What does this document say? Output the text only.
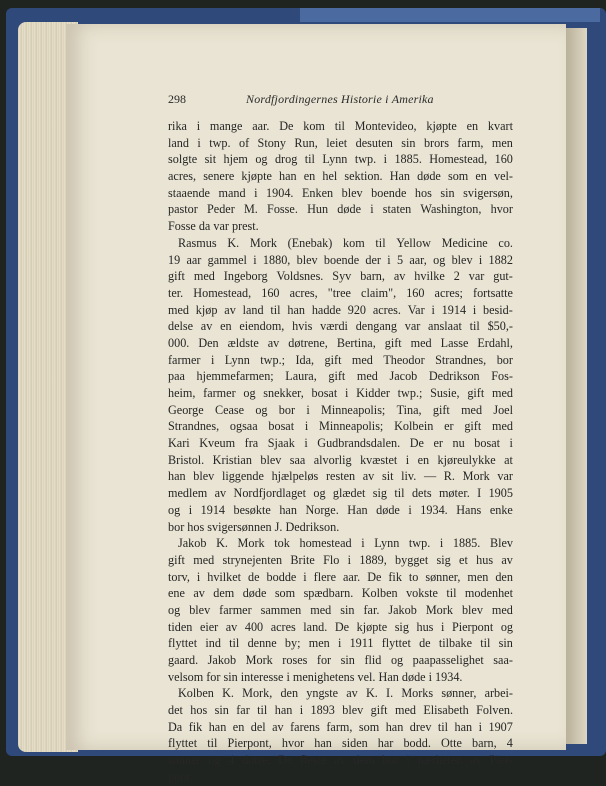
298	Nordfjordingernes Historie i Amerika
rika i mange aar. De kom til Montevideo, kjøpte en kvart
land i twp. of Stony Run, leiet desuten sin brors farm, men
solgte sit hjem og drog til Lynn twp. i 1885. Homestead, 160
acres, senere kjøpte han en hel sektion. Han døde som en vel-
staaende mand i 1904. Enken blev boende hos sin svigersøn,
pastor Peder M. Fosse. Hun døde i staten Washington, hvor
Fosse da var prest.
Rasmus K. Mork (Enebak) kom til Yellow Medicine co.
19 aar gammel i 1880, blev boende der i 5 aar, og blev i 1882
gift med Ingeborg Voldsnes. Syv barn, av hvilke 2 var gut-
ter. Homestead, 160 acres, "tree claim", 160 acres; fortsatte
med kjøp av land til han hadde 920 acres. Var i 1914 i besid-
delse av en eiendom, hvis værdi dengang var anslaat til $50,-
000. Den ældste av døtrene, Bertina, gift med Lasse Erdahl,
farmer i Lynn twp.; Ida, gift med Theodor Strandnes, bor
paa hjemmefarmen; Laura, gift med Jacob Dedrikson Fos-
heim, farmer og snekker, bosat i Kidder twp.; Susie, gift med
George Cease og bor i Minneapolis; Tina, gift med Joel
Strandnes, ogsaa bosat i Minneapolis; Kolbein er gift med
Kari Kveum fra Sjaak i Gudbrandsdalen. De er nu bosat i
Bristol. Kristian blev saa alvorlig kvæstet i en kjøreulykke at
han blev liggende hjælpeløs resten av sit liv. — R. Mork var
medlem av Nordfjordlaget og glædet sig til dets møter. I 1905
og i 1914 besøkte han Norge. Han døde i 1934. Hans enke
bor hos svigersønnen J. Dedrikson.
Jakob K. Mork tok homestead i Lynn twp. i 1885. Blev
gift med strynejenten Brite Flo i 1889, bygget sig et hus av
torv, i hvilket de bodde i flere aar. De fik to sønner, men den
ene av dem døde som spædbarn. Kolben vokste til modenhet
og blev farmer sammen med sin far. Jakob Mork blev med
tiden eier av 400 acres land. De kjøpte sig hus i Pierpont og
flyttet ind til denne by; men i 1911 flyttet de tilbake til sin
gaard. Jakob Mork roses for sin flid og paapasselighet saa-
velsom for sin interesse i menighetens vel. Han døde i 1934.
Kolben K. Mork, den yngste av K. I. Morks sønner, arbei-
det hos sin far til han i 1893 blev gift med Elisabeth Folven.
Da fik han en del av farens farm, som han drev til han i 1907
flyttet til Pierpont, hvor han siden har bodd. Otte barn, 4
sønner og 4 døtre. De fleste av dem bor i nærheten av Pier-
pont.
